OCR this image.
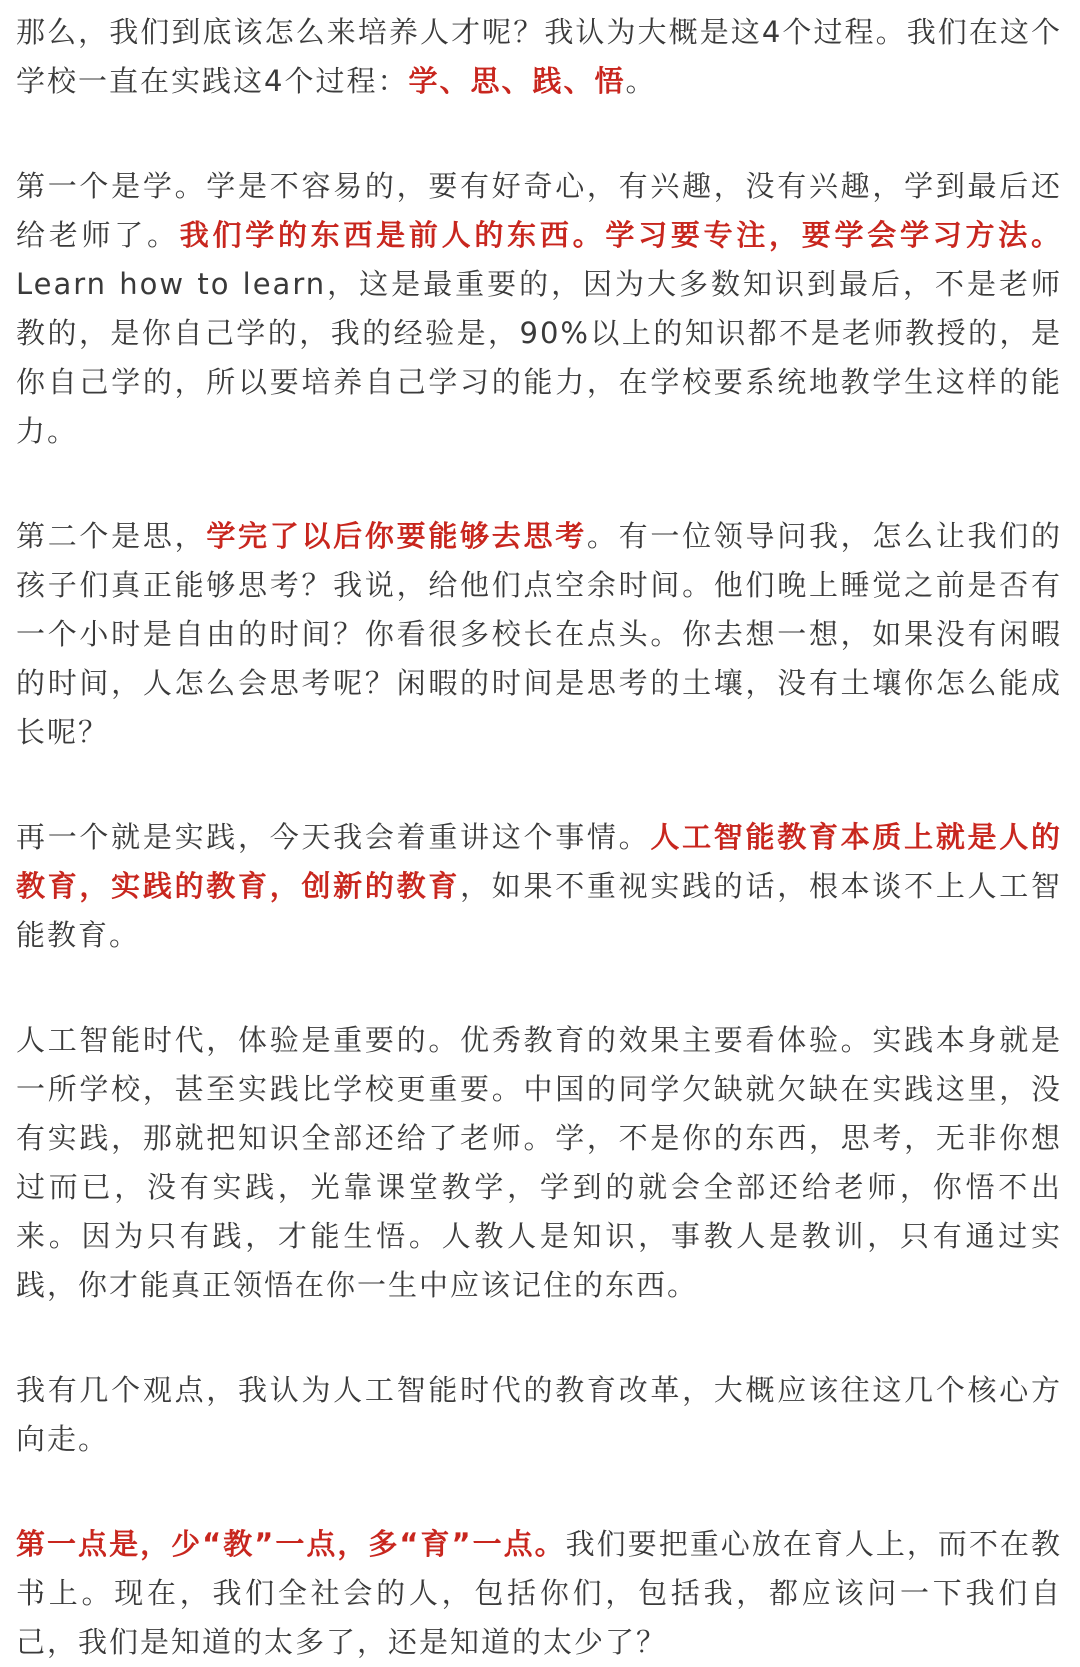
那么，我们到底该怎么来培养人才呢？我认为大概是这4个过程。我们在这个学校一直在实践这4个过程：学、思、践、悟。

第一个是学。学是不容易的，要有好奇心，有兴趣，没有兴趣，学到最后还给老师了。我们学的东西是前人的东西。学习要专注，要学会学习方法。Learn how to learn，这是最重要的，因为大多数知识到最后，不是老师教的，是你自己学的，我的经验是，90%以上的知识都不是老师教授的，是你自己学的，所以要培养自己学习的能力，在学校要系统地教学生这样的能力。

第二个是思，学完了以后你要能够去思考。有一位领导问我，怎么让我们的孩子们真正能够思考？我说，给他们点空余时间。他们晚上睡觉之前是否有一个小时是自由的时间？你看很多校长在点头。你去想一想，如果没有闲暇的时间，人怎么会思考呢？闲暇的时间是思考的土壤，没有土壤你怎么能成长呢？

再一个就是实践，今天我会着重讲这个事情。人工智能教育本质上就是人的教育，实践的教育，创新的教育，如果不重视实践的话，根本谈不上人工智能教育。

人工智能时代，体验是重要的。优秀教育的效果主要看体验。实践本身就是一所学校，甚至实践比学校更重要。中国的同学欠缺就欠缺在实践这里，没有实践，那就把知识全部还给了老师。学，不是你的东西，思考，无非你想过而已，没有实践，光靠课堂教学，学到的就会全部还给老师，你悟不出来。因为只有践，才能生悟。人教人是知识，事教人是教训，只有通过实践，你才能真正领悟在你一生中应该记住的东西。

我有几个观点，我认为人工智能时代的教育改革，大概应该往这几个核心方向走。

第一点是，少“教”一点，多“育”一点。我们要把重心放在育人上，而不在教书上。现在，我们全社会的人，包括你们，包括我，都应该问一下我们自己，我们是知道的太多了，还是知道的太少了？
